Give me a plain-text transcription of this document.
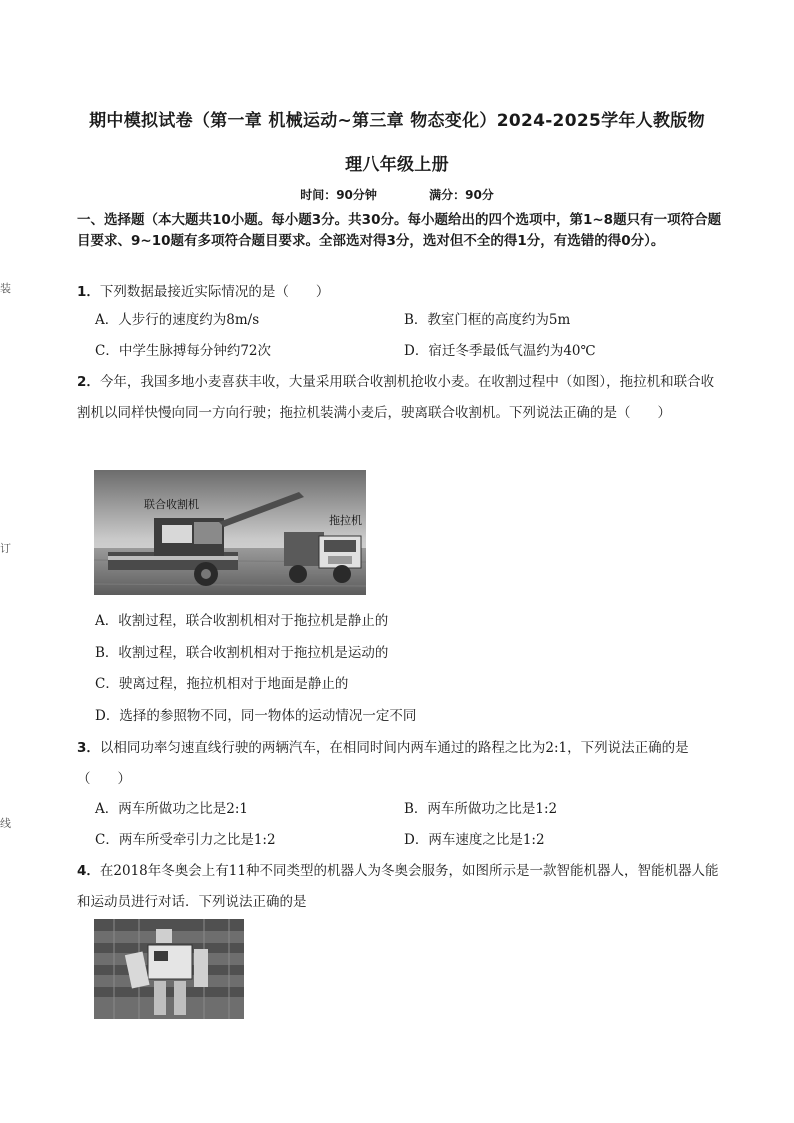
装
订
线
期中模拟试卷（第一章 机械运动~第三章 物态变化）2024-2025学年人教版物
理八年级上册
时间：90分钟	满分：90分
一、选择题（本大题共10小题。每小题3分。共30分。每小题给出的四个选项中，第1~8题只有一项符合题目要求、9~10题有多项符合题目要求。全部选对得3分，选对但不全的得1分，有选错的得0分）。
1．下列数据最接近实际情况的是（　　）
A．人步行的速度约为8m/s	B．教室门框的高度约为5m
C．中学生脉搏每分钟约72次	D．宿迁冬季最低气温约为40℃
2．今年，我国多地小麦喜获丰收，大量采用联合收割机抢收小麦。在收割过程中（如图），拖拉机和联合收割机以同样快慢向同一方向行驶；拖拉机装满小麦后，驶离联合收割机。下列说法正确的是（　　）
联合收割机
拖拉机
A．收割过程，联合收割机相对于拖拉机是静止的
B．收割过程，联合收割机相对于拖拉机是运动的
C．驶离过程，拖拉机相对于地面是静止的
D．选择的参照物不同，同一物体的运动情况一定不同
3．以相同功率匀速直线行驶的两辆汽车，在相同时间内两车通过的路程之比为2:1，下列说法正确的是（　　）
A．两车所做功之比是2:1	B．两车所做功之比是1:2
C．两车所受牵引力之比是1:2	D．两车速度之比是1:2
4．在2018年冬奥会上有11种不同类型的机器人为冬奥会服务，如图所示是一款智能机器人，智能机器人能和运动员进行对话．下列说法正确的是
